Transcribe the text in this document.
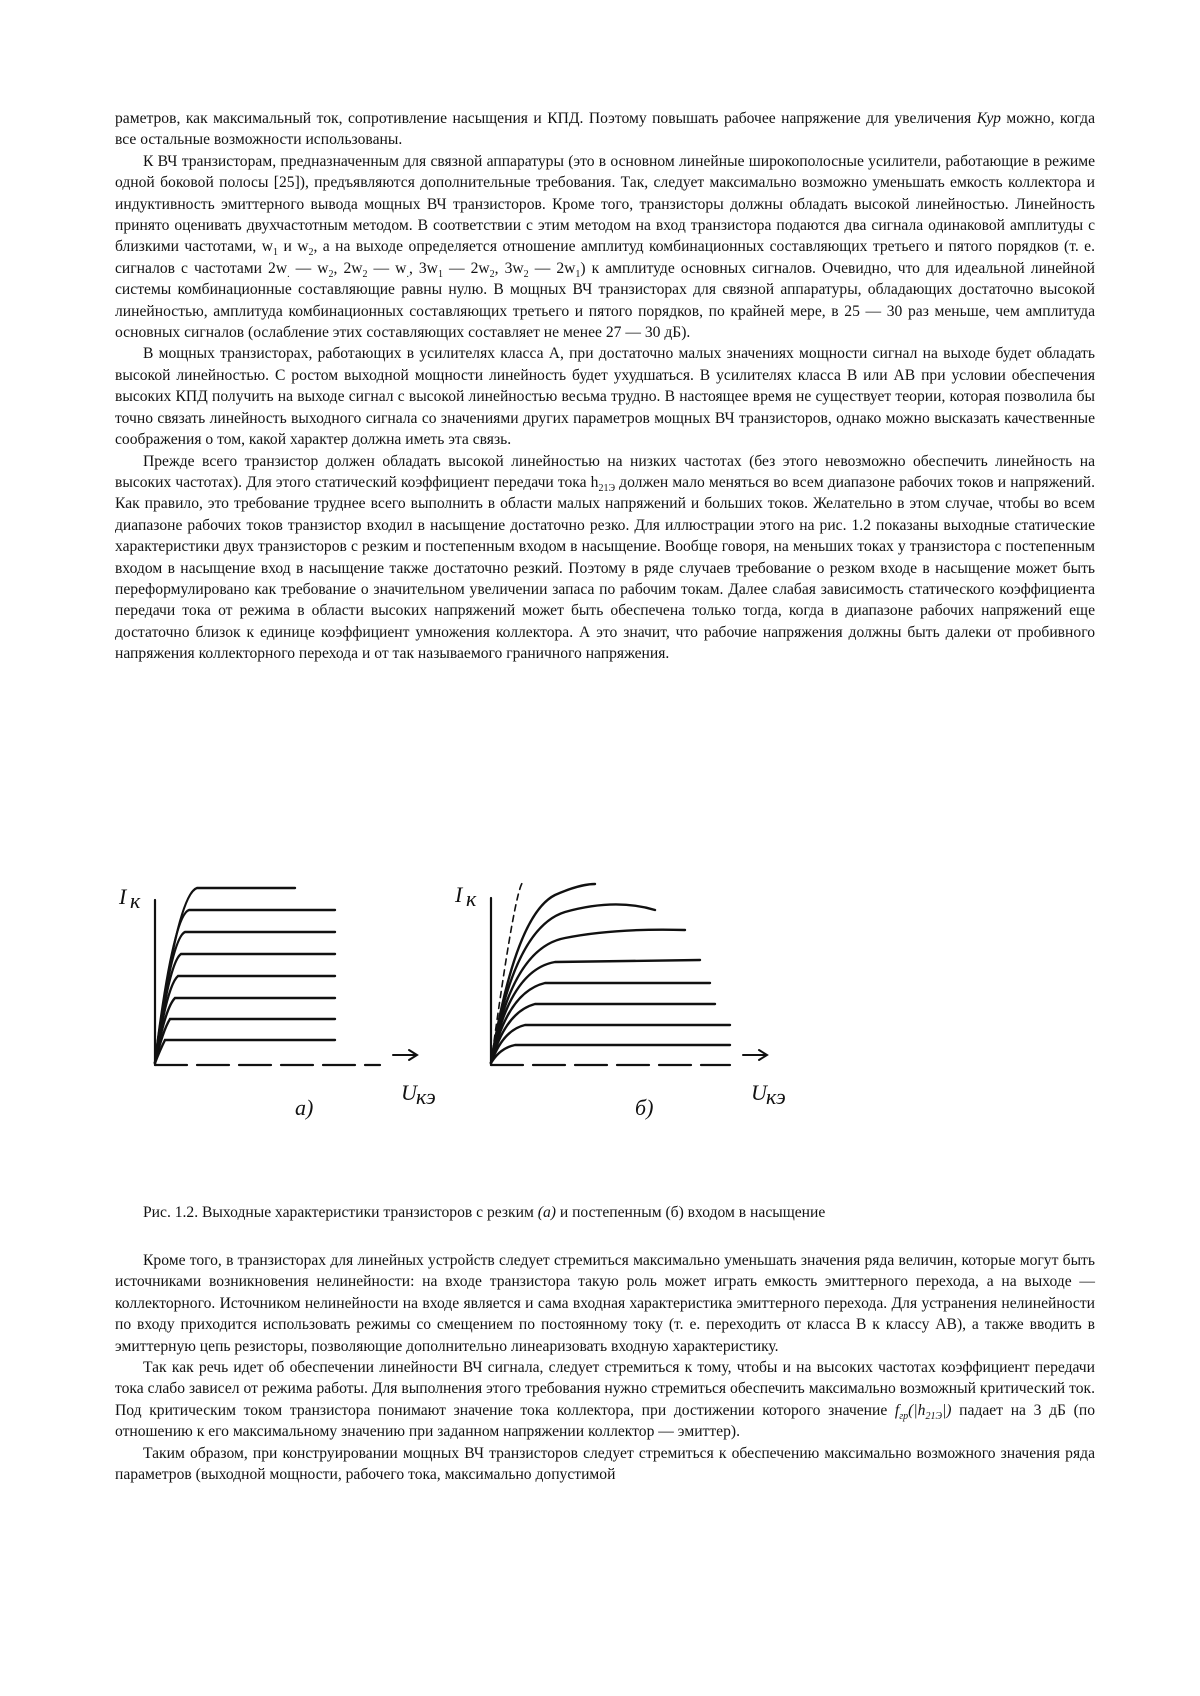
раметров, как максимальный ток, сопротивление насыщения и КПД. Поэтому повышать рабочее напряжение для увеличения Кур можно, когда все остальные возможности использованы.

К ВЧ транзисторам, предназначенным для связной аппаратуры (это в основном линейные широкополосные усилители, работающие в режиме одной боковой полосы [25]), предъявляются дополнительные требования. Так, следует максимально возможно уменьшать емкость коллектора и индуктивность эмиттерного вывода мощных ВЧ транзисторов. Кроме того, транзисторы должны обладать высокой линейностью. Линейность принято оценивать двухчастотным методом. В соответствии с этим методом на вход транзистора подаются два сигнала одинаковой амплитуды с близкими частотами, $w_1$ и $w_2$, а на выходе определяется отношение амплитуд комбинационных составляющих третьего и пятого порядков (т. е. сигналов с частотами $2w_.$ — $w_2$, $2w_2$ — $w_.$, $3w_1$ — $2w_2$, $3w_2$ — $2w_1$) к амплитуде основных сигналов. Очевидно, что для идеальной линейной системы комбинационные составляющие равны нулю. В мощных ВЧ транзисторах для связной аппаратуры, обладающих достаточно высокой линейностью, амплитуда комбинационных составляющих третьего и пятого порядков, по крайней мере, в 25 — 30 раз меньше, чем амплитуда основных сигналов (ослабление этих составляющих составляет не менее 27 — 30 дБ).

В мощных транзисторах, работающих в усилителях класса А, при достаточно малых значениях мощности сигнал на выходе будет обладать высокой линейностью. С ростом выходной мощности линейность будет ухудшаться. В усилителях класса В или АВ при условии обеспечения высоких КПД получить на выходе сигнал с высокой линейностью весьма трудно. В настоящее время не существует теории, которая позволила бы точно связать линейность выходного сигнала со значениями других параметров мощных ВЧ транзисторов, однако можно высказать качественные соображения о том, какой характер должна иметь эта связь.

Прежде всего транзистор должен обладать высокой линейностью на низких частотах (без этого невозможно обеспечить линейность на высоких частотах). Для этого статический коэффициент передачи тока $h_{21Э}$ должен мало меняться во всем диапазоне рабочих токов и напряжений. Как правило, это требование труднее всего выполнить в области малых напряжений и больших токов. Желательно в этом случае, чтобы во всем диапазоне рабочих токов транзистор входил в насыщение достаточно резко. Для иллюстрации этого на рис. 1.2 показаны выходные статические характеристики двух транзисторов с резким и постепенным входом в насыщение. Вообще говоря, на меньших токах у транзистора с постепенным входом в насыщение вход в насыщение также достаточно резкий. Поэтому в ряде случаев требование о резком входе в насыщение может быть переформулировано как требование о значительном увеличении запаса по рабочим токам. Далее слабая зависимость статического коэффициента передачи тока от режима в области высоких напряжений может быть обеспечена только тогда, когда в диапазоне рабочих напряжений еще достаточно близок к единице коэффициент умножения коллектора. А это значит, что рабочие напряжения должны быть далеки от пробивного напряжения коллекторного перехода и от так называемого граничного напряжения.

I к
U кэ
а)
I к
U кэ
б)
Рис. 1.2. Выходные характеристики транзисторов с резким (а) и постепенным (б) входом в насыщение

Кроме того, в транзисторах для линейных устройств следует стремиться максимально уменьшать значения ряда величин, которые могут быть источниками возникновения нелинейности: на входе транзистора такую роль может играть емкость эмиттерного перехода, а на выходе — коллекторного. Источником нелинейности на входе является и сама входная характеристика эмиттерного перехода. Для устранения нелинейности по входу приходится использовать режимы со смещением по постоянному току (т. е. переходить от класса В к классу АВ), а также вводить в эмиттерную цепь резисторы, позволяющие дополнительно линеаризовать входную характеристику.

Так как речь идет об обеспечении линейности ВЧ сигнала, следует стремиться к тому, чтобы и на высоких частотах коэффициент передачи тока слабо зависел от режима работы. Для выполнения этого требования нужно стремиться обеспечить максимально возможный критический ток. Под критическим током транзистора понимают значение тока коллектора, при достижении которого значение $f_{гр}(|h_{21Э}|)$ падает на 3 дБ (по отношению к его максимальному значению при заданном напряжении коллектор — эмиттер).

Таким образом, при конструировании мощных ВЧ транзисторов следует стремиться к обеспечению максимально возможного значения ряда параметров (выходной мощности, рабочего тока, максимально допустимой
